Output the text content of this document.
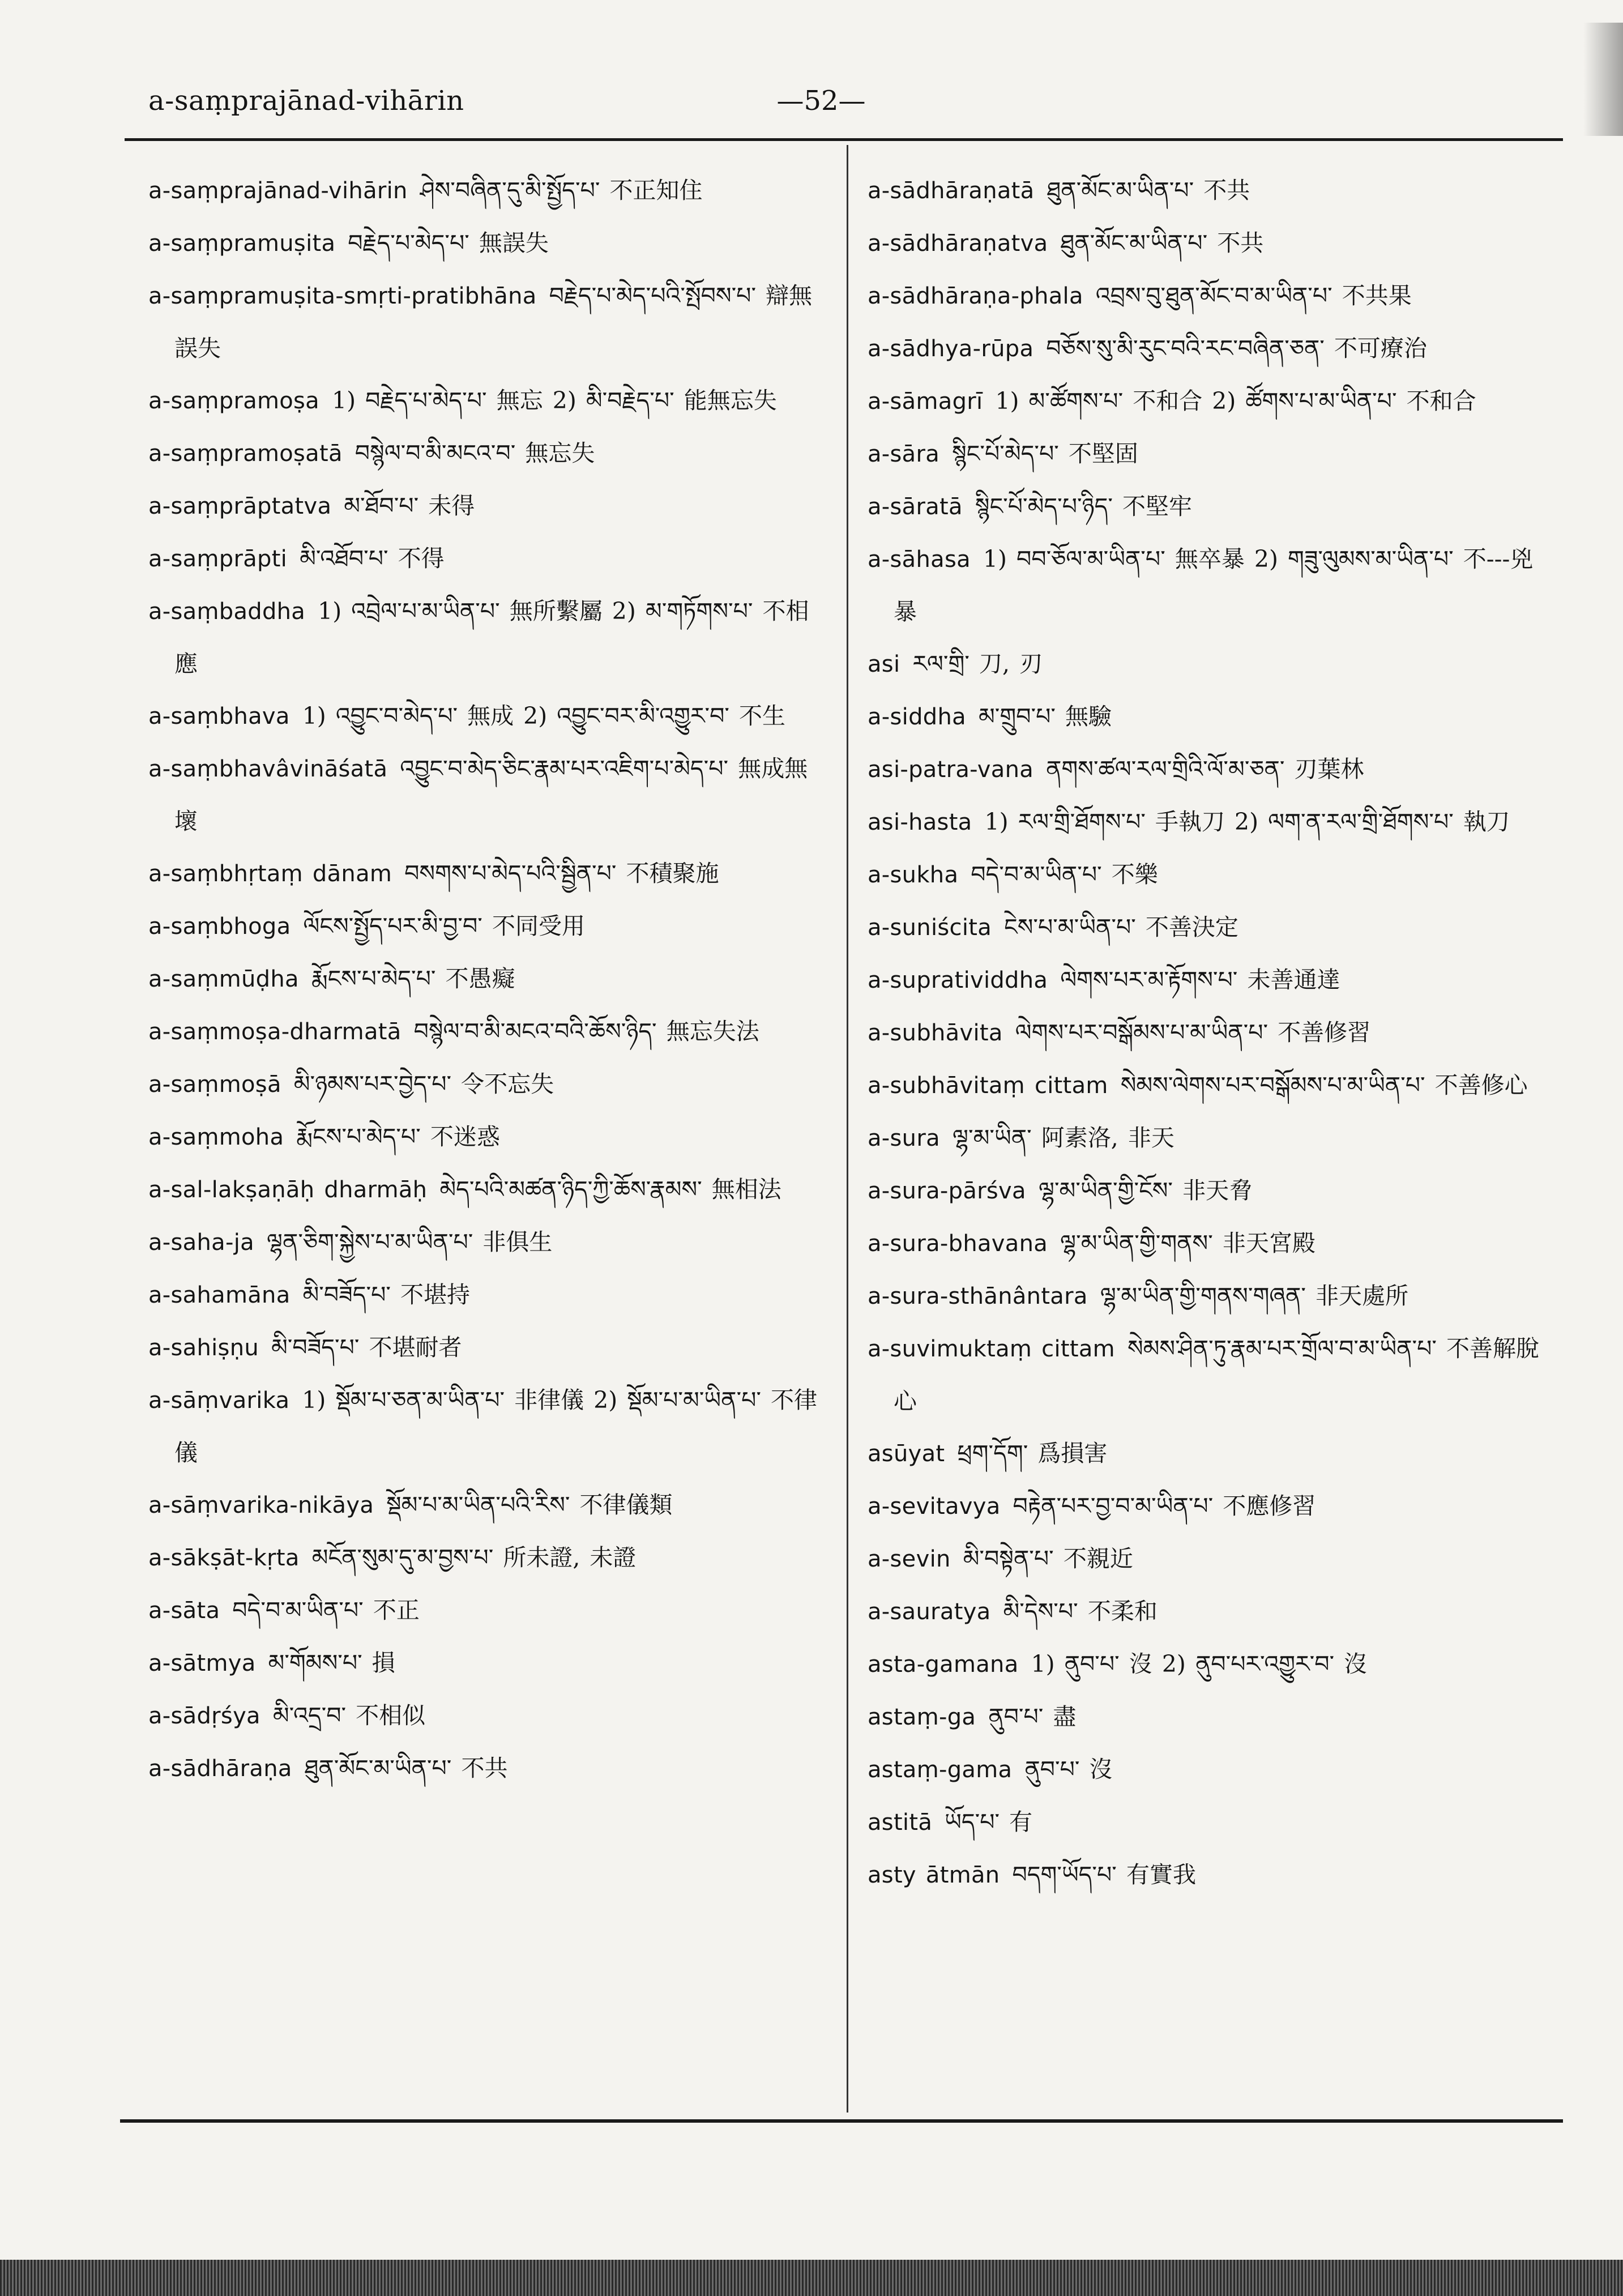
a-saṃprajānad-vihārin	—52—
a-saṃprajānad-vihārin ཤེས་བཞིན་དུ་མི་སྤྱོད་པ་ 不正知住
a-saṃpramuṣita བརྗེད་པ་མེད་པ་ 無誤失
a-saṃpramuṣita-smṛti-pratibhāna བརྗེད་པ་མེད་པའི་སྤོབས་པ་ 辯無誤失
a-saṃpramoṣa 1) བརྗེད་པ་མེད་པ་ 無忘 2) མི་བརྗེད་པ་ 能無忘失
a-saṃpramoṣatā བསྙེལ་བ་མི་མངའ་བ་ 無忘失
a-saṃprāptatva མ་ཐོབ་པ་ 未得
a-saṃprāpti མི་འཐོབ་པ་ 不得
a-saṃbaddha 1) འབྲེལ་པ་མ་ཡིན་པ་ 無所繫屬 2) མ་གཏོགས་པ་ 不相應
a-saṃbhava 1) འབྱུང་བ་མེད་པ་ 無成 2) འབྱུང་བར་མི་འགྱུར་བ་ 不生
a-saṃbhavâvināśatā འབྱུང་བ་མེད་ཅིང་རྣམ་པར་འཇིག་པ་མེད་པ་ 無成無壞
a-saṃbhṛtaṃ dānam བསགས་པ་མེད་པའི་སྦྱིན་པ་ 不積聚施
a-saṃbhoga ལོངས་སྤྱོད་པར་མི་བྱ་བ་ 不同受用
a-saṃmūḍha རྨོངས་པ་མེད་པ་ 不愚癡
a-saṃmoṣa-dharmatā བསྙེལ་བ་མི་མངའ་བའི་ཆོས་ཉིད་ 無忘失法
a-saṃmoṣā མི་ཉམས་པར་བྱེད་པ་ 令不忘失
a-saṃmoha རྨོངས་པ་མེད་པ་ 不迷惑
a-sal-lakṣaṇāḥ dharmāḥ མེད་པའི་མཚན་ཉིད་ཀྱི་ཆོས་རྣམས་ 無相法
a-saha-ja ལྷན་ཅིག་སྐྱེས་པ་མ་ཡིན་པ་ 非俱生
a-sahamāna མི་བཟོད་པ་ 不堪持
a-sahiṣṇu མི་བཟོད་པ་ 不堪耐者
a-sāṃvarika 1) སྡོམ་པ་ཅན་མ་ཡིན་པ་ 非律儀 2) སྡོམ་པ་མ་ཡིན་པ་ 不律儀
a-sāṃvarika-nikāya སྡོམ་པ་མ་ཡིན་པའི་རིས་ 不律儀類
a-sākṣāt-kṛta མངོན་སུམ་དུ་མ་བྱས་པ་ 所未證, 未證
a-sāta བདེ་བ་མ་ཡིན་པ་ 不正
a-sātmya མ་གོམས་པ་ 損
a-sādṛśya མི་འདྲ་བ་ 不相似
a-sādhāraṇa ཐུན་མོང་མ་ཡིན་པ་ 不共
a-sādhāraṇatā ཐུན་མོང་མ་ཡིན་པ་ 不共
a-sādhāraṇatva ཐུན་མོང་མ་ཡིན་པ་ 不共
a-sādhāraṇa-phala འབྲས་བུ་ཐུན་མོང་བ་མ་ཡིན་པ་ 不共果
a-sādhya-rūpa བཅོས་སུ་མི་རུང་བའི་རང་བཞིན་ཅན་ 不可療治
a-sāmagrī 1) མ་ཚོགས་པ་ 不和合 2) ཚོགས་པ་མ་ཡིན་པ་ 不和合
a-sāra སྙིང་པོ་མེད་པ་ 不堅固
a-sāratā སྙིང་པོ་མེད་པ་ཉིད་ 不堅牢
a-sāhasa 1) བབ་ཅོལ་མ་ཡིན་པ་ 無卒暴 2) གཟུ་ལུམས་མ་ཡིན་པ་ 不---兇暴
asi རལ་གྲི་ 刀, 刃
a-siddha མ་གྲུབ་པ་ 無驗
asi-patra-vana ནགས་ཚལ་རལ་གྲིའི་ལོ་མ་ཅན་ 刃葉林
asi-hasta 1) རལ་གྲི་ཐོགས་པ་ 手執刀 2) ལག་ན་རལ་གྲི་ཐོགས་པ་ 執刀
a-sukha བདེ་བ་མ་ཡིན་པ་ 不樂
a-suniścita ངེས་པ་མ་ཡིན་པ་ 不善決定
a-supratividdha ལེགས་པར་མ་རྟོགས་པ་ 未善通達
a-subhāvita ལེགས་པར་བསྒོམས་པ་མ་ཡིན་པ་ 不善修習
a-subhāvitaṃ cittam སེམས་ལེགས་པར་བསྒོམས་པ་མ་ཡིན་པ་ 不善修心
a-sura ལྷ་མ་ཡིན་ 阿素洛, 非天
a-sura-pārśva ལྷ་མ་ཡིན་གྱི་ངོས་ 非天脅
a-sura-bhavana ལྷ་མ་ཡིན་གྱི་གནས་ 非天宮殿
a-sura-sthānântara ལྷ་མ་ཡིན་གྱི་གནས་གཞན་ 非天處所
a-suvimuktaṃ cittam སེམས་ཤིན་ཏུ་རྣམ་པར་གྲོལ་བ་མ་ཡིན་པ་ 不善解脫心
asūyat ཕྲག་དོག་ 爲損害
a-sevitavya བརྟེན་པར་བྱ་བ་མ་ཡིན་པ་ 不應修習
a-sevin མི་བསྟེན་པ་ 不親近
a-sauratya མི་དེས་པ་ 不柔和
asta-gamana 1) ནུབ་པ་ 沒 2) ནུབ་པར་འགྱུར་བ་ 沒
astaṃ-ga ནུབ་པ་ 盡
astaṃ-gama ནུབ་པ་ 沒
astitā ཡོད་པ་ 有
asty ātmān བདག་ཡོད་པ་ 有實我
